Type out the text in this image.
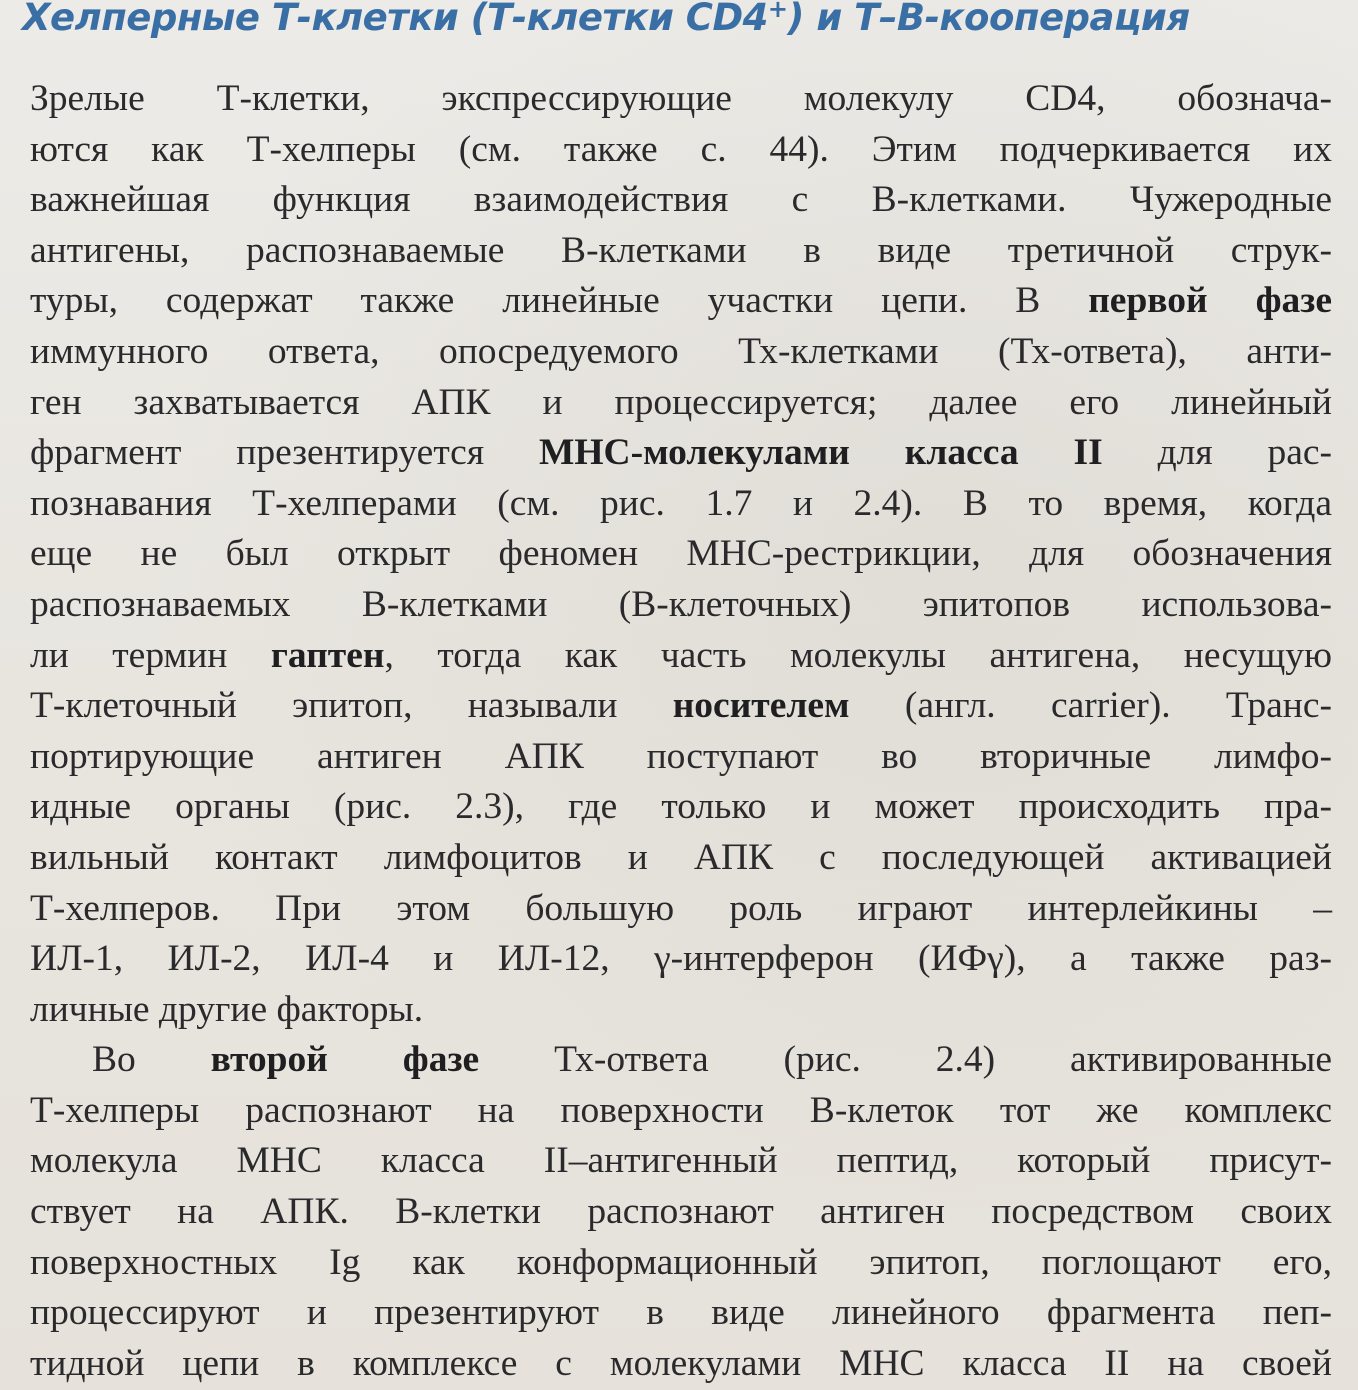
Хелперные Т-клетки (Т-клетки CD4+) и Т–В-кооперация
Зрелые Т-клетки, экспрессирующие молекулу CD4, обознача-
ются как Т-хелперы (см. также с. 44). Этим подчеркивается их
важнейшая функция взаимодействия с В-клетками. Чужеродные
антигены, распознаваемые В-клетками в виде третичной струк-
туры, содержат также линейные участки цепи. В первой фазе
иммунного ответа, опосредуемого Тх-клетками (Тх-ответа), анти-
ген захватывается АПК и процессируется; далее его линейный
фрагмент презентируется МНС-молекулами класса II для рас-
познавания Т-хелперами (см. рис. 1.7 и 2.4). В то время, когда
еще не был открыт феномен МНС-рестрикции, для обозначения
распознаваемых В-клетками (В-клеточных) эпитопов использова-
ли термин гаптен, тогда как часть молекулы антигена, несущую
Т-клеточный эпитоп, называли носителем (англ. carrier). Транс-
портирующие антиген АПК поступают во вторичные лимфо-
идные органы (рис. 2.3), где только и может происходить пра-
вильный контакт лимфоцитов и АПК с последующей активацией
Т-хелперов. При этом большую роль играют интерлейкины –
ИЛ-1, ИЛ-2, ИЛ-4 и ИЛ-12, γ-интерферон (ИФγ), а также раз-
личные другие факторы.
Во второй фазе Тх-ответа (рис. 2.4) активированные
Т-хелперы распознают на поверхности В-клеток тот же комплекс
молекула МНС класса II–антигенный пептид, который присут-
ствует на АПК. В-клетки распознают антиген посредством своих
поверхностных Ig как конформационный эпитоп, поглощают его,
процессируют и презентируют в виде линейного фрагмента пеп-
тидной цепи в комплексе с молекулами МНС класса II на своей
